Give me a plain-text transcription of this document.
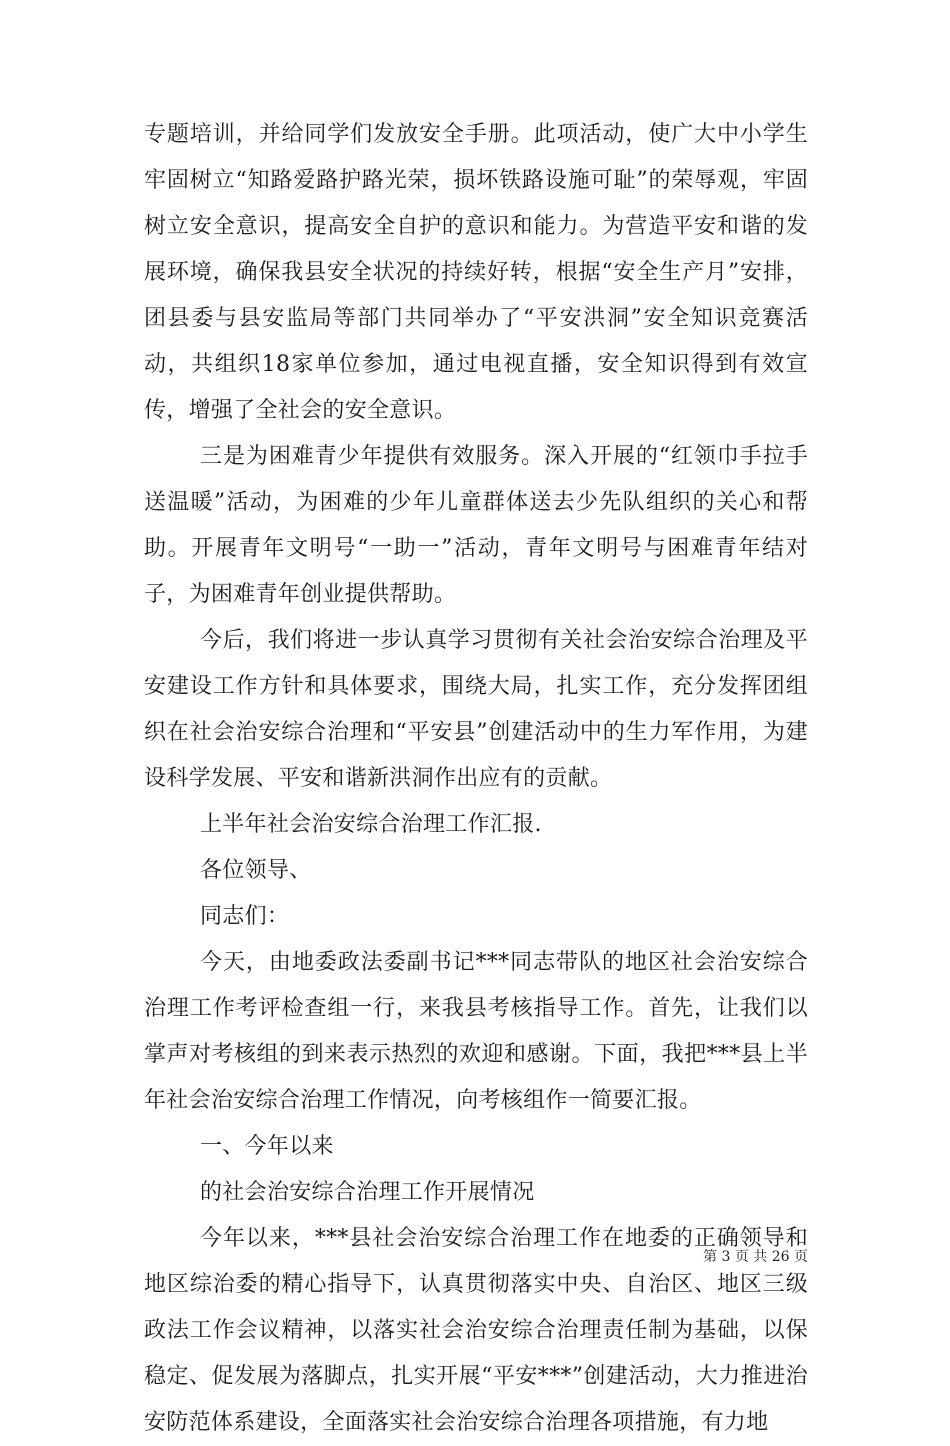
专题培训，并给同学们发放安全手册。此项活动，使广大中小学生牢固树立“知路爱路护路光荣，损坏铁路设施可耻”的荣辱观，牢固树立安全意识，提高安全自护的意识和能力。为营造平安和谐的发展环境，确保我县安全状况的持续好转，根据“安全生产月”安排，团县委与县安监局等部门共同举办了“平安洪洞”安全知识竞赛活动，共组织18家单位参加，通过电视直播，安全知识得到有效宣传，增强了全社会的安全意识。

三是为困难青少年提供有效服务。深入开展的“红领巾手拉手送温暖”活动，为困难的少年儿童群体送去少先队组织的关心和帮助。开展青年文明号“一助一”活动，青年文明号与困难青年结对子，为困难青年创业提供帮助。

今后，我们将进一步认真学习贯彻有关社会治安综合治理及平安建设工作方针和具体要求，围绕大局，扎实工作，充分发挥团组织在社会治安综合治理和“平安县”创建活动中的生力军作用，为建设科学发展、平安和谐新洪洞作出应有的贡献。

上半年社会治安综合治理工作汇报.

各位领导、

同志们：

今天，由地委政法委副书记***同志带队的地区社会治安综合治理工作考评检查组一行，来我县考核指导工作。首先，让我们以掌声对考核组的到来表示热烈的欢迎和感谢。下面，我把***县上半年社会治安综合治理工作情况，向考核组作一简要汇报。

一、今年以来

的社会治安综合治理工作开展情况

今年以来，***县社会治安综合治理工作在地委的正确领导和地区综治委的精心指导下，认真贯彻落实中央、自治区、地区三级政法工作会议精神，以落实社会治安综合治理责任制为基础，以保稳定、促发展为落脚点，扎实开展“平安***”创建活动，大力推进治安防范体系建设，全面落实社会治安综合治理各项措施，有力地

第 3 页 共 26 页
